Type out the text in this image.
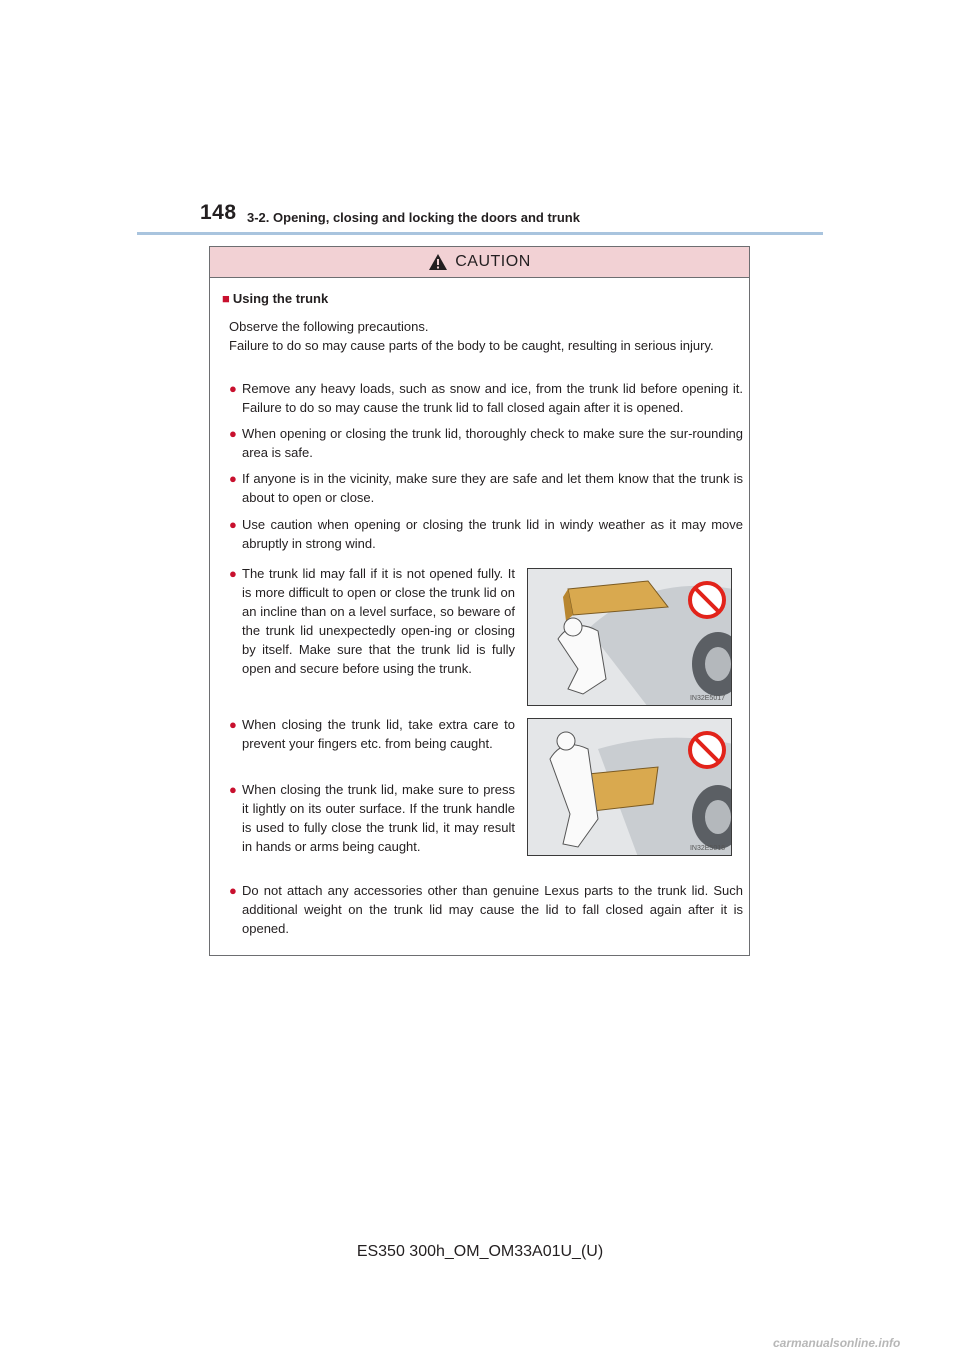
148 3-2. Opening, closing and locking the doors and trunk
CAUTION
■ Using the trunk
Observe the following precautions.
Failure to do so may cause parts of the body to be caught, resulting in serious injury.
● Remove any heavy loads, such as snow and ice, from the trunk lid before opening it. Failure to do so may cause the trunk lid to fall closed again after it is opened.
● When opening or closing the trunk lid, thoroughly check to make sure the sur-rounding area is safe.
● If anyone is in the vicinity, make sure they are safe and let them know that the trunk is about to open or close.
● Use caution when opening or closing the trunk lid in windy weather as it may move abruptly in strong wind.
● The trunk lid may fall if it is not opened fully. It is more difficult to open or close the trunk lid on an incline than on a level surface, so beware of the trunk lid unexpectedly open-ing or closing by itself. Make sure that the trunk lid is fully open and secure before using the trunk.
IN32E5017
● When closing the trunk lid, take extra care to prevent your fingers etc. from being caught.
● When closing the trunk lid, make sure to press it lightly on its outer surface. If the trunk handle is used to fully close the trunk lid, it may result in hands or arms being caught.	IN32E5018
● Do not attach any accessories other than genuine Lexus parts to the trunk lid. Such additional weight on the trunk lid may cause the lid to fall closed again after it is opened.
ES350 300h_OM_OM33A01U_(U)
carmanualsonline.info
